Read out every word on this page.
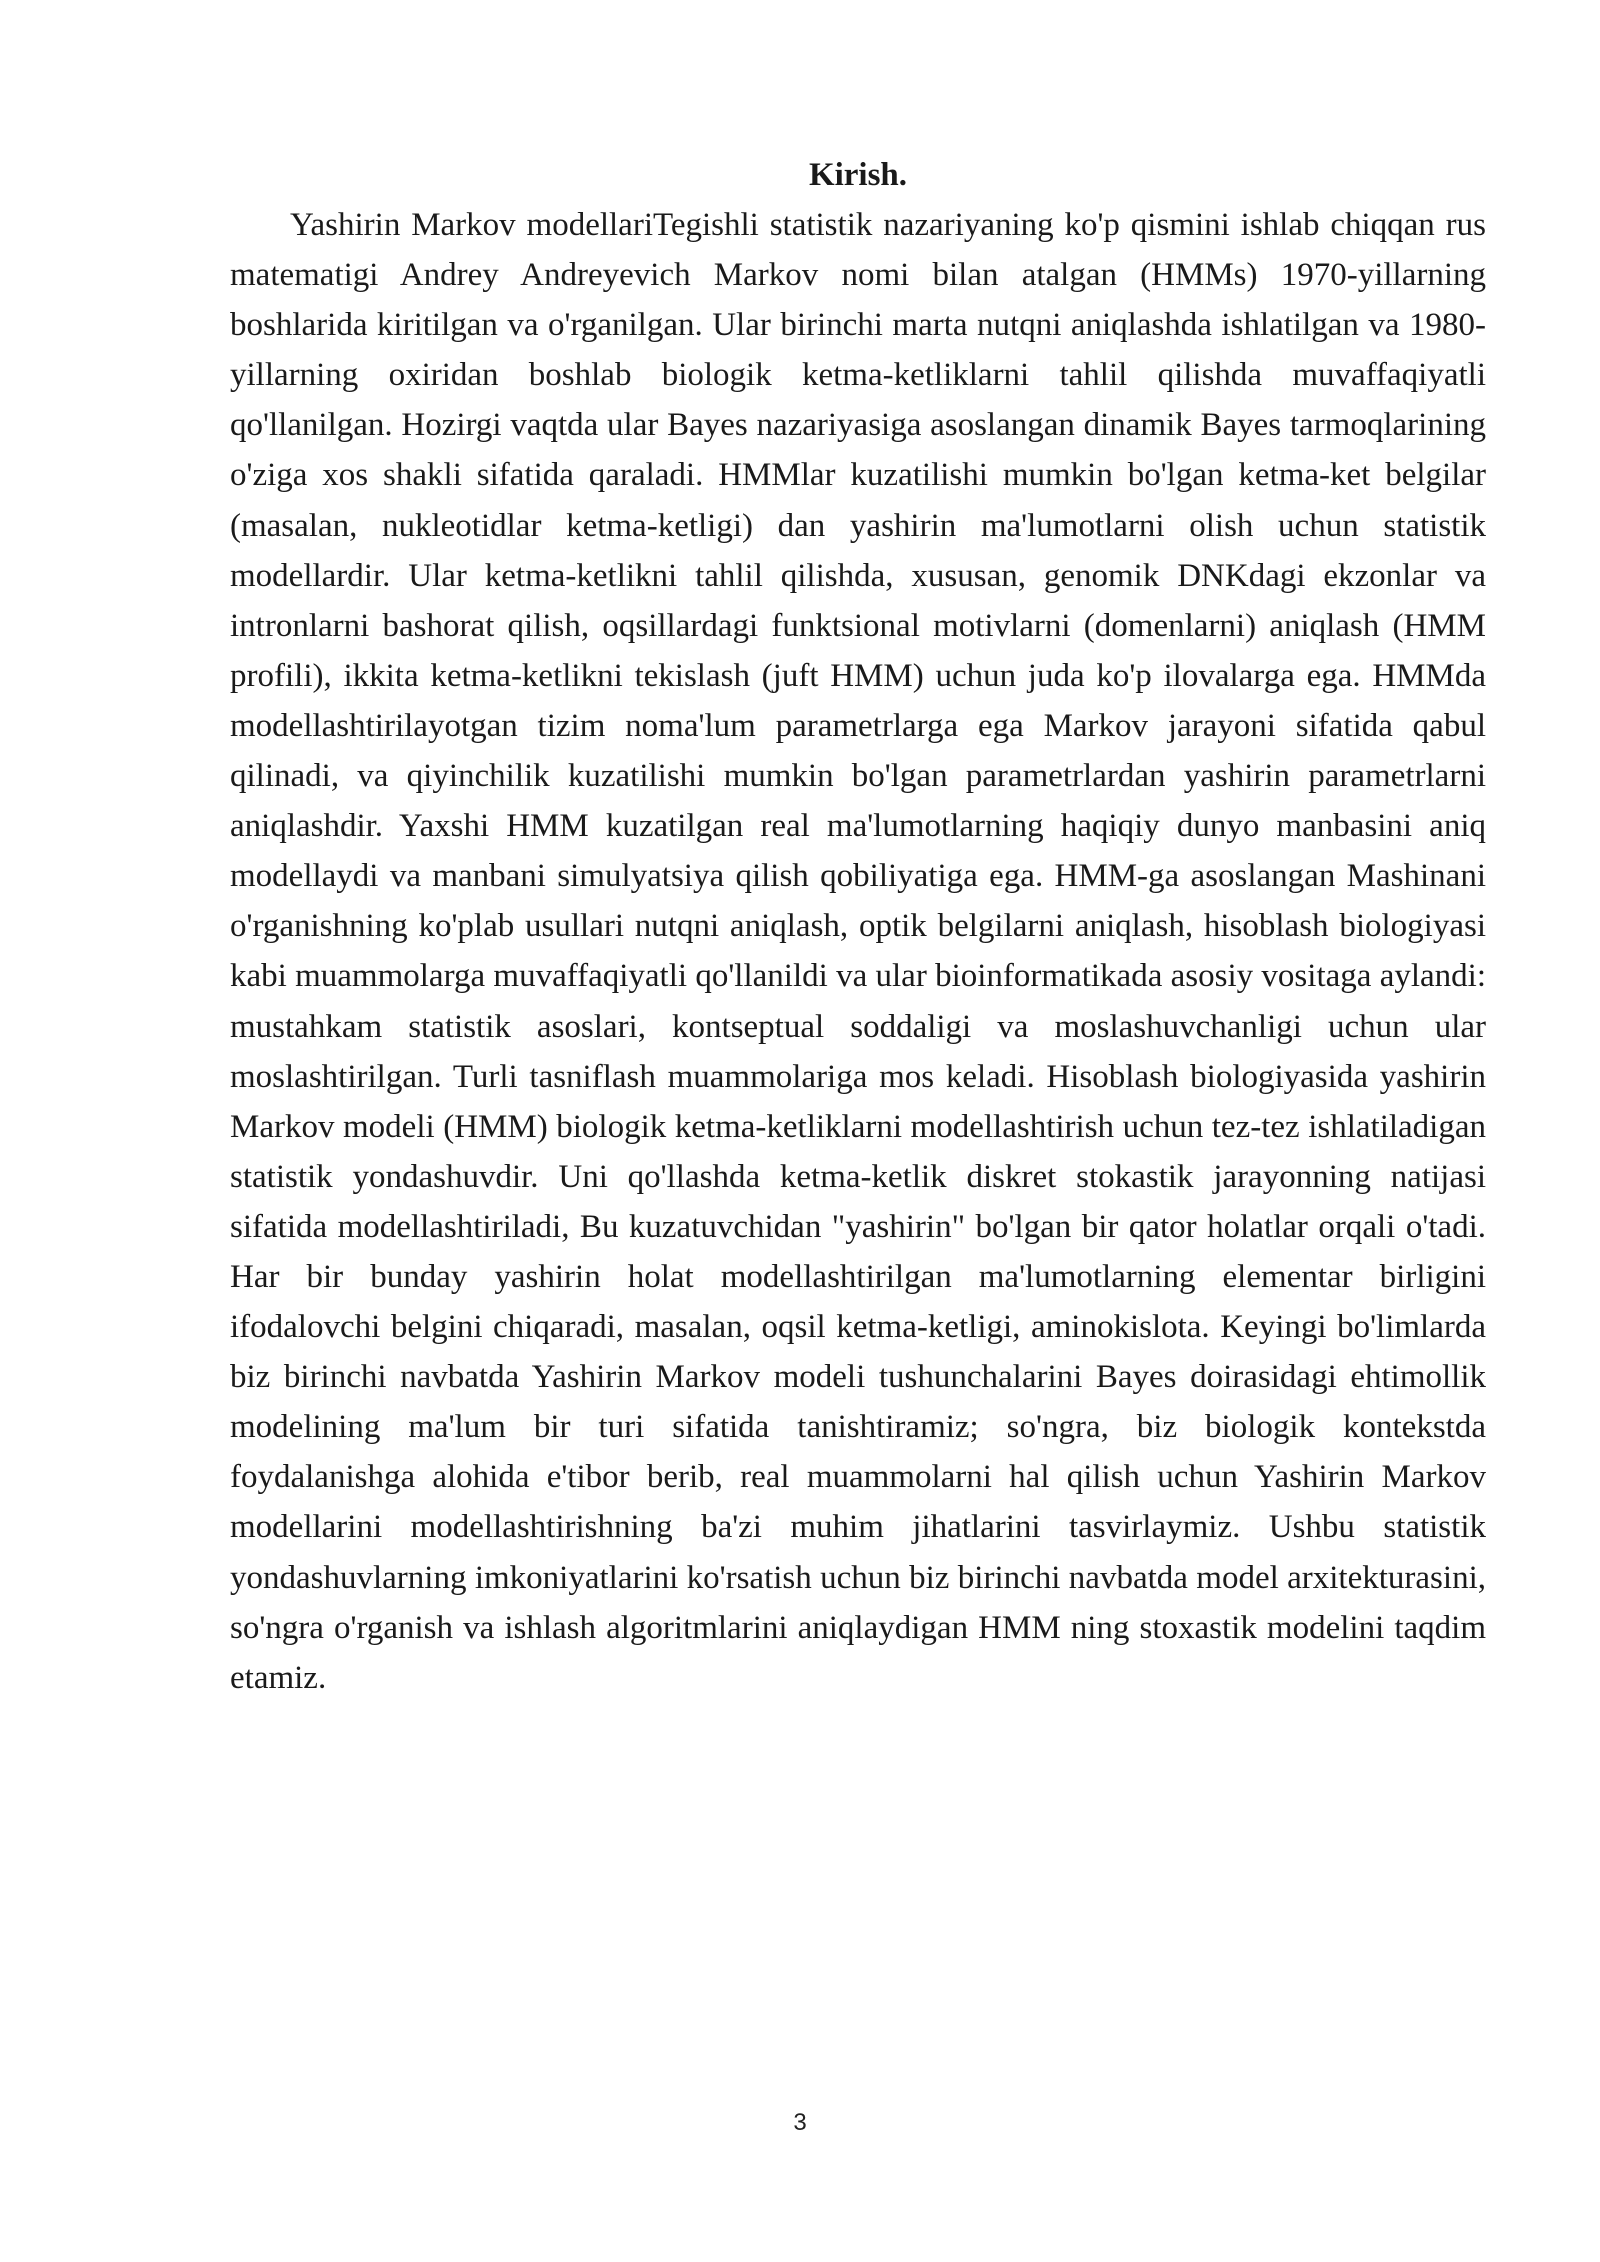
Kirish.

Yashirin Markov modellariTegishli statistik nazariyaning ko'p qismini ishlab chiqqan rus matematigi Andrey Andreyevich Markov nomi bilan atalgan (HMMs) 1970-yillarning boshlarida kiritilgan va o'rganilgan. Ular birinchi marta nutqni aniqlashda ishlatilgan va 1980-yillarning oxiridan boshlab biologik ketma-ketliklarni tahlil qilishda muvaffaqiyatli qo'llanilgan. Hozirgi vaqtda ular Bayes nazariyasiga asoslangan dinamik Bayes tarmoqlarining o'ziga xos shakli sifatida qaraladi. HMMlar kuzatilishi mumkin bo'lgan ketma-ket belgilar (masalan, nukleotidlar ketma-ketligi) dan yashirin ma'lumotlarni olish uchun statistik modellardir. Ular ketma-ketlikni tahlil qilishda, xususan, genomik DNKdagi ekzonlar va intronlarni bashorat qilish, oqsillardagi funktsional motivlarni (domenlarni) aniqlash (HMM profili), ikkita ketma-ketlikni tekislash (juft HMM) uchun juda ko'p ilovalarga ega. HMMda modellashtirilayotgan tizim noma'lum parametrlarga ega Markov jarayoni sifatida qabul qilinadi, va qiyinchilik kuzatilishi mumkin bo'lgan parametrlardan yashirin parametrlarni aniqlashdir. Yaxshi HMM kuzatilgan real ma'lumotlarning haqiqiy dunyo manbasini aniq modellaydi va manbani simulyatsiya qilish qobiliyatiga ega. HMM-ga asoslangan Mashinani o'rganishning ko'plab usullari nutqni aniqlash, optik belgilarni aniqlash, hisoblash biologiyasi kabi muammolarga muvaffaqiyatli qo'llanildi va ular bioinformatikada asosiy vositaga aylandi: mustahkam statistik asoslari, kontseptual soddaligi va moslashuvchanligi uchun ular moslashtirilgan. Turli tasniflash muammolariga mos keladi. Hisoblash biologiyasida yashirin Markov modeli (HMM) biologik ketma-ketliklarni modellashtirish uchun tez-tez ishlatiladigan statistik yondashuvdir. Uni qo'llashda ketma-ketlik diskret stokastik jarayonning natijasi sifatida modellashtiriladi, Bu kuzatuvchidan "yashirin" bo'lgan bir qator holatlar orqali o'tadi. Har bir bunday yashirin holat modellashtirilgan ma'lumotlarning elementar birligini ifodalovchi belgini chiqaradi, masalan, oqsil ketma-ketligi, aminokislota. Keyingi bo'limlarda biz birinchi navbatda Yashirin Markov modeli tushunchalarini Bayes doirasidagi ehtimollik modelining ma'lum bir turi sifatida tanishtiramiz; so'ngra, biz biologik kontekstda foydalanishga alohida e'tibor berib, real muammolarni hal qilish uchun Yashirin Markov modellarini modellashtirishning ba'zi muhim jihatlarini tasvirlaymiz. Ushbu statistik yondashuvlarning imkoniyatlarini ko'rsatish uchun biz birinchi navbatda model arxitekturasini, so'ngra o'rganish va ishlash algoritmlarini aniqlaydigan HMM ning stoxastik modelini taqdim etamiz.

3
